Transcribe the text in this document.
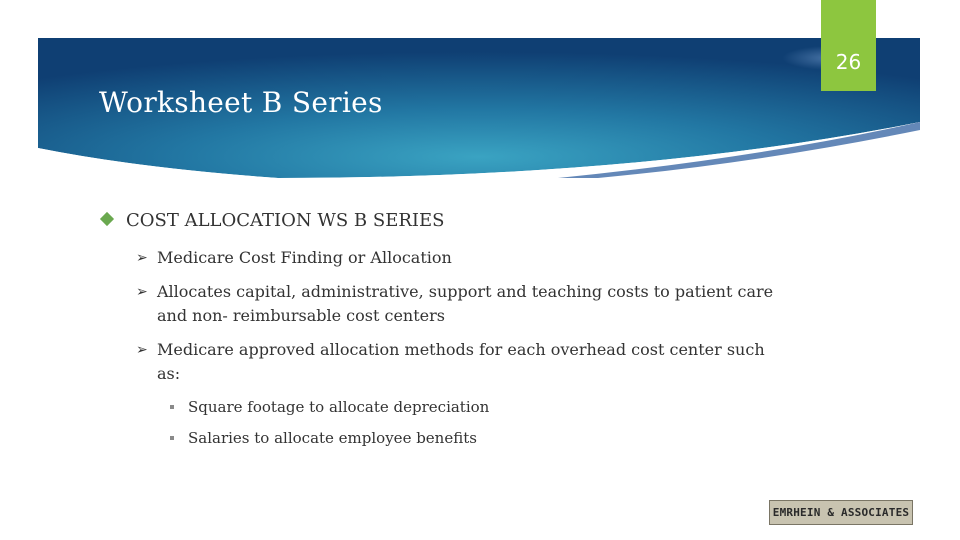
Worksheet B Series
26
COST ALLOCATION WS B SERIES
➢ Medicare Cost Finding or Allocation
➢ Allocates capital, administrative, support and teaching costs to patient care and non- reimbursable cost centers
➢ Medicare approved allocation methods for each overhead cost center such as:
Square footage to allocate depreciation
Salaries to allocate employee benefits
EMRHEIN & ASSOCIATES
